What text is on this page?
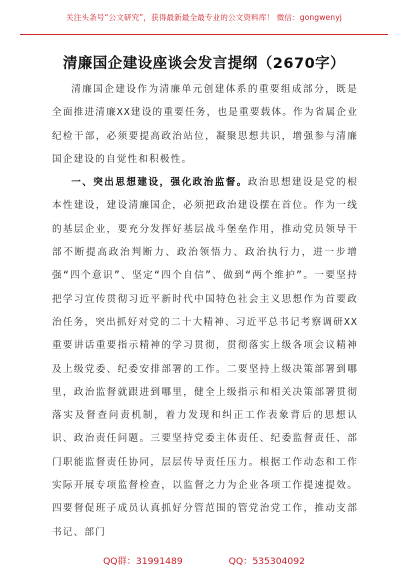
关注头条号“公文研究”，获得最新最全最专业的公文资料库！ 微信：gongwenyj
清廉国企建设座谈会发言提纲（2670字）

清廉国企建设作为清廉单元创建体系的重要组成部分，既是全面推进清廉XX建设的重要任务，也是重要载体。作为省属企业纪检干部，必须要提高政治站位，凝聚思想共识，增强参与清廉国企建设的自觉性和积极性。

一、突出思想建设，强化政治监督。政治思想建设是党的根本性建设，建设清廉国企，必须把政治建设摆在首位。作为一线的基层企业，要充分发挥好基层战斗堡垒作用，推动党员领导干部不断提高政治判断力、政治领悟力、政治执行力，进一步增强“四个意识”、坚定“四个自信”、做到“两个维护”。一要坚持把学习宣传贯彻习近平新时代中国特色社会主义思想作为首要政治任务，突出抓好对党的二十大精神、习近平总书记考察调研XX重要讲话重要指示精神的学习贯彻，贯彻落实上级各项会议精神及上级党委、纪委安排部署的工作。二要坚持上级决策部署到哪里，政治监督就跟进到哪里，健全上级指示和相关决策部署贯彻落实及督查问责机制，着力发现和纠正工作表象背后的思想认识、政治责任问题。三要坚持党委主体责任、纪委监督责任、部门职能监督责任协同，层层传导责任压力。根据工作动态和工作实际开展专项监督检查，以监督之力为企业各项工作提速提效。四要督促班子成员认真抓好分管范围的管党治党工作，推动支部书记、部门

QQ群：31991489	QQ：535304092
